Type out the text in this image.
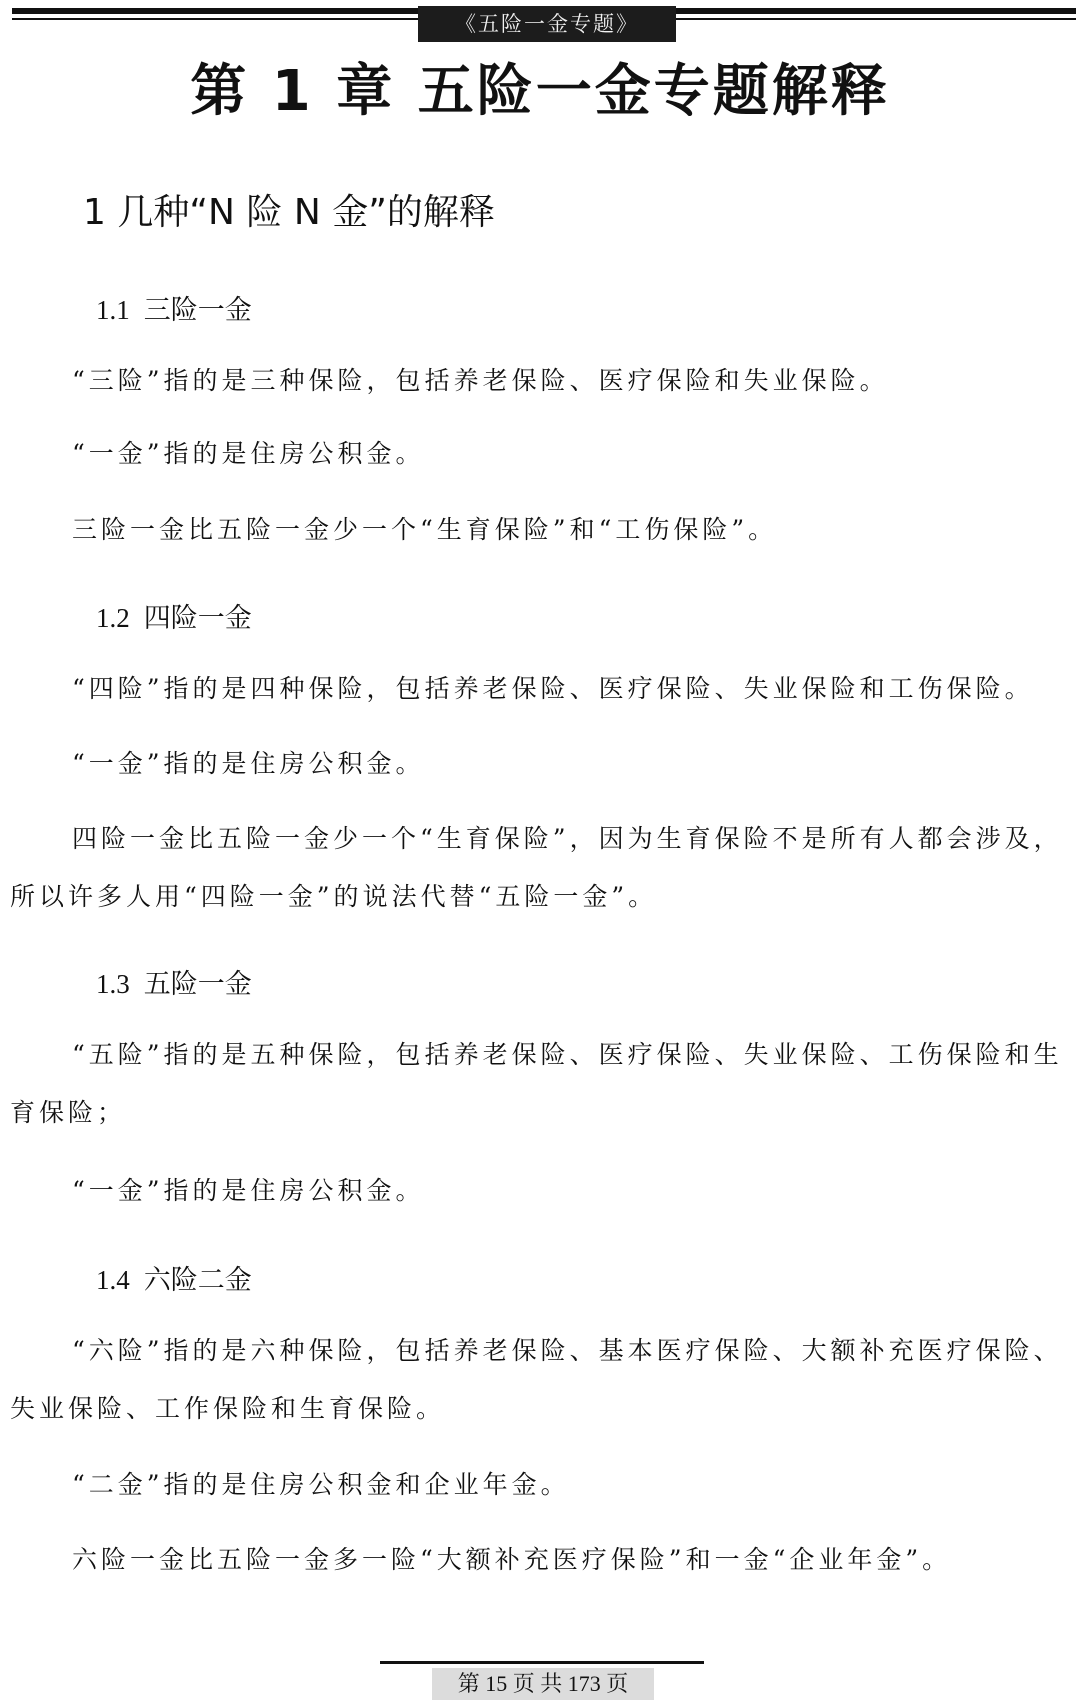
《五险一金专题》
第 1 章 五险一金专题解释
1 几种“N 险 N 金”的解释
1.1 三险一金

“三险”指的是三种保险，包括养老保险、医疗保险和失业保险。

“一金”指的是住房公积金。

三险一金比五险一金少一个“生育保险”和“工伤保险”。

1.2 四险一金

“四险”指的是四种保险，包括养老保险、医疗保险、失业保险和工伤保险。

“一金”指的是住房公积金。

四险一金比五险一金少一个“生育保险”，因为生育保险不是所有人都会涉及，所以许多人用“四险一金”的说法代替“五险一金”。

1.3 五险一金

“五险”指的是五种保险，包括养老保险、医疗保险、失业保险、工伤保险和生育保险；

“一金”指的是住房公积金。

1.4 六险二金

“六险”指的是六种保险，包括养老保险、基本医疗保险、大额补充医疗保险、失业保险、工作保险和生育保险。

“二金”指的是住房公积金和企业年金。

六险一金比五险一金多一险“大额补充医疗保险”和一金“企业年金”。

第 15 页 共 173 页
